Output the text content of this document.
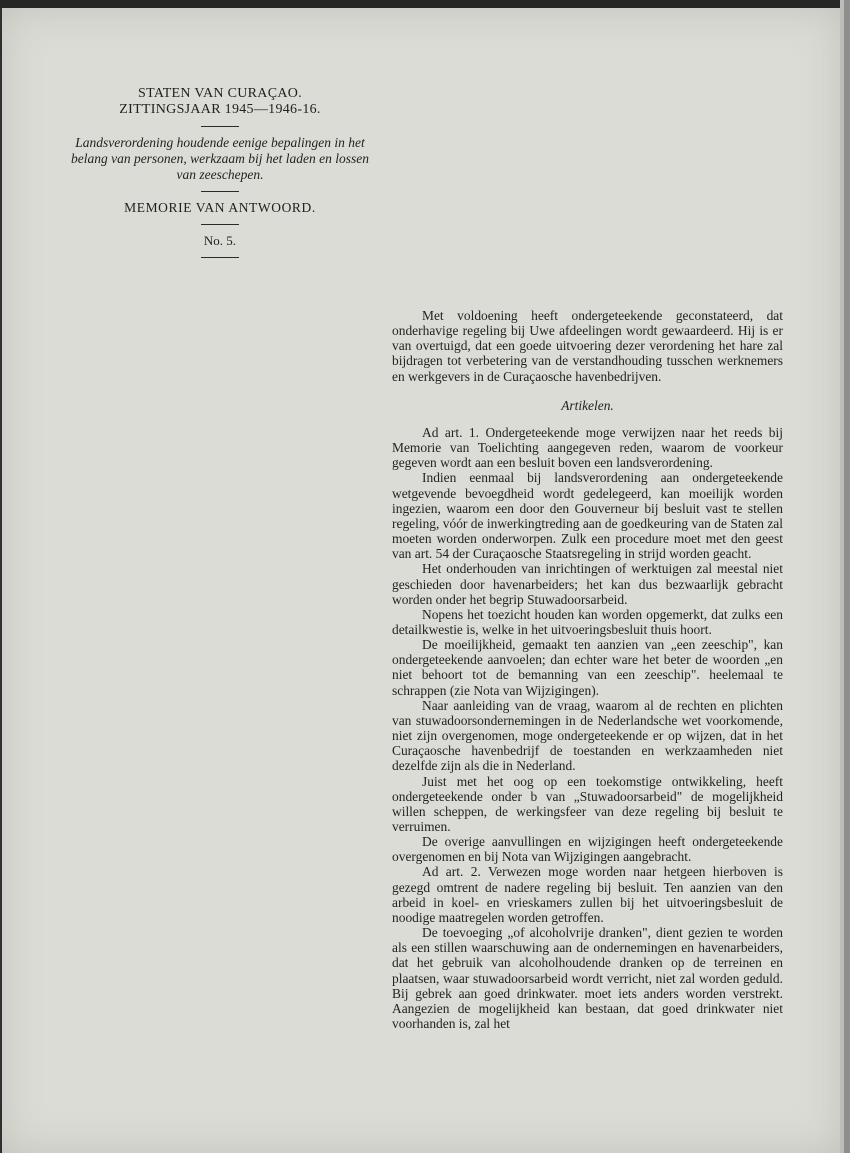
STATEN VAN CURAÇAO.
ZITTINGSJAAR 1945—1946-16.
Landsverordening houdende eenige bepalingen in het belang van personen, werkzaam bij het laden en lossen van zeeschepen.
MEMORIE VAN ANTWOORD.
No. 5.

Met voldoening heeft ondergeteekende geconstateerd, dat onderhavige regeling bij Uwe afdeelingen wordt gewaardeerd. Hij is er van overtuigd, dat een goede uitvoering dezer verordening het hare zal bijdragen tot verbetering van de verstandhouding tusschen werknemers en werkgevers in de Curaçaosche havenbedrijven.

Artikelen.

Ad art. 1. Ondergeteekende moge verwijzen naar het reeds bij Memorie van Toelichting aangegeven reden, waarom de voorkeur gegeven wordt aan een besluit boven een landsverordening.

Indien eenmaal bij landsverordening aan ondergeteekende wetgevende bevoegdheid wordt gedelegeerd, kan moeilijk worden ingezien, waarom een door den Gouverneur bij besluit vast te stellen regeling, vóór de inwerkingtreding aan de goedkeuring van de Staten zal moeten worden onderworpen. Zulk een procedure moet met den geest van art. 54 der Curaçaosche Staatsregeling in strijd worden geacht.

Het onderhouden van inrichtingen of werktuigen zal meestal niet geschieden door havenarbeiders; het kan dus bezwaarlijk gebracht worden onder het begrip Stuwadoorsarbeid.

Nopens het toezicht houden kan worden opgemerkt, dat zulks een detailkwestie is, welke in het uitvoeringsbesluit thuis hoort.

De moeilijkheid, gemaakt ten aanzien van „een zeeschip", kan ondergeteekende aanvoelen; dan echter ware het beter de woorden „en niet behoort tot de bemanning van een zeeschip". heelemaal te schrappen (zie Nota van Wijzigingen).

Naar aanleiding van de vraag, waarom al de rechten en plichten van stuwadoorsondernemingen in de Nederlandsche wet voorkomende, niet zijn overgenomen, moge ondergeteekende er op wijzen, dat in het Curaçaosche havenbedrijf de toestanden en werkzaamheden niet dezelfde zijn als die in Nederland.

Juist met het oog op een toekomstige ontwikkeling, heeft ondergeteekende onder b van „Stuwadoorsarbeid" de mogelijkheid willen scheppen, de werkingsfeer van deze regeling bij besluit te verruimen.

De overige aanvullingen en wijzigingen heeft ondergeteekende overgenomen en bij Nota van Wijzigingen aangebracht.

Ad art. 2. Verwezen moge worden naar hetgeen hierboven is gezegd omtrent de nadere regeling bij besluit. Ten aanzien van den arbeid in koel- en vrieskamers zullen bij het uitvoeringsbesluit de noodige maatregelen worden getroffen.

De toevoeging „of alcoholvrije dranken", dient gezien te worden als een stillen waarschuwing aan de ondernemingen en havenarbeiders, dat het gebruik van alcoholhoudende dranken op de terreinen en plaatsen, waar stuwadoorsarbeid wordt verricht, niet zal worden geduld. Bij gebrek aan goed drinkwater. moet iets anders worden verstrekt. Aangezien de mogelijkheid kan bestaan, dat goed drinkwater niet voorhanden is, zal het
